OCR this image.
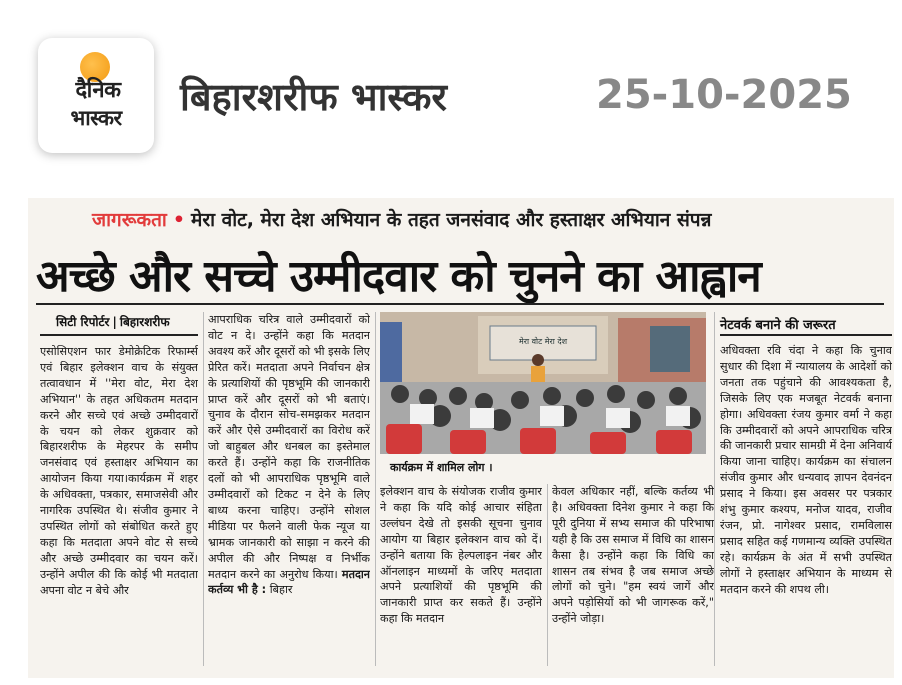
दैनिक
भास्कर	बिहारशरीफ भास्कर	25-10-2025
जागरूकता • मेरा वोट, मेरा देश अभियान के तहत जनसंवाद और हस्ताक्षर अभियान संपन्न
अच्छे और सच्चे उम्मीदवार को चुनने का आह्वान
सिटी रिपोर्टर | बिहारशरीफ

एसोसिएशन फार डेमोक्रेटिक रिफार्म्स एवं बिहार इलेक्शन वाच के संयुक्त तत्वावधान में ''मेरा वोट, मेरा देश अभियान'' के तहत अधिकतम मतदान करने और सच्चे एवं अच्छे उम्मीदवारों के चयन को लेकर शुक्रवार को बिहारशरीफ के मेहरपर के समीप जनसंवाद एवं हस्ताक्षर अभियान का आयोजन किया गया।कार्यक्रम में शहर के अधिवक्ता, पत्रकार, समाजसेवी और नागरिक उपस्थित थे। संजीव कुमार ने उपस्थित लोगों को संबोधित करते हुए कहा कि मतदाता अपने वोट से सच्चे और अच्छे उम्मीदवार का चयन करें। उन्होंने अपील की कि कोई भी मतदाता अपना वोट न बेचे और

आपराधिक चरित्र वाले उम्मीदवारों को वोट न दे। उन्होंने कहा कि मतदान अवश्य करें और दूसरों को भी इसके लिए प्रेरित करें। मतदाता अपने निर्वाचन क्षेत्र के प्रत्याशियों की पृष्ठभूमि की जानकारी प्राप्त करें और दूसरों को भी बताएं। चुनाव के दौरान सोच-समझकर मतदान करें और ऐसे उम्मीदवारों का विरोध करें जो बाहुबल और धनबल का इस्तेमाल करते हैं। उन्होंने कहा कि राजनीतिक दलों को भी आपराधिक पृष्ठभूमि वाले उम्मीदवारों को टिकट न देने के लिए बाध्य करना चाहिए। उन्होंने सोशल मीडिया पर फैलने वाली फेक न्यूज या भ्रामक जानकारी को साझा न करने की अपील की और निष्पक्ष व निर्भीक मतदान करने का अनुरोध किया। मतदान कर्तव्य भी है : बिहार

मेरा वोट मेरा देश
कार्यक्रम में शामिल लोग ।

इलेक्शन वाच के संयोजक राजीव कुमार ने कहा कि यदि कोई आचार संहिता उल्लंघन देखे तो इसकी सूचना चुनाव आयोग या बिहार इलेक्शन वाच को दें। उन्होंने बताया कि हेल्पलाइन नंबर और ऑनलाइन माध्यमों के जरिए मतदाता अपने प्रत्याशियों की पृष्ठभूमि की जानकारी प्राप्त कर सकते हैं। उन्होंने कहा कि मतदान

केवल अधिकार नहीं, बल्कि कर्तव्य भी है। अधिवक्ता दिनेश कुमार ने कहा कि पूरी दुनिया में सभ्य समाज की परिभाषा यही है कि उस समाज में विधि का शासन कैसा है। उन्होंने कहा कि विधि का शासन तब संभव है जब समाज अच्छे लोगों को चुने। "हम स्वयं जागें और अपने पड़ोसियों को भी जागरूक करें," उन्होंने जोड़ा।

नेटवर्क बनाने की जरूरत

अधिवक्ता रवि चंदा ने कहा कि चुनाव सुधार की दिशा में न्यायालय के आदेशों को जनता तक पहुंचाने की आवश्यकता है, जिसके लिए एक मजबूत नेटवर्क बनाना होगा। अधिवक्ता रंजय कुमार वर्मा ने कहा कि उम्मीदवारों को अपने आपराधिक चरित्र की जानकारी प्रचार सामग्री में देना अनिवार्य किया जाना चाहिए। कार्यक्रम का संचालन संजीव कुमार और धन्यवाद ज्ञापन देवनंदन प्रसाद ने किया। इस अवसर पर पत्रकार शंभु कुमार कश्यप, मनोज यादव, राजीव रंजन, प्रो. नागेश्वर प्रसाद, रामविलास प्रसाद सहित कई गणमान्य व्यक्ति उपस्थित रहे। कार्यक्रम के अंत में सभी उपस्थित लोगों ने हस्ताक्षर अभियान के माध्यम से मतदान करने की शपथ ली।
